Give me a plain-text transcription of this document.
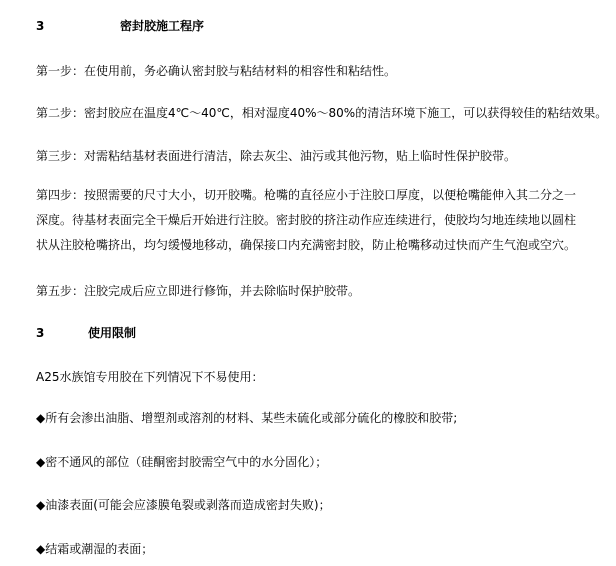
3	密封胶施工程序
第一步：在使用前，务必确认密封胶与粘结材料的相容性和粘结性。
第二步：密封胶应在温度4℃～40℃，相对湿度40%～80%的清洁环境下施工，可以获得较佳的粘结效果。
第三步：对需粘结基材表面进行清洁，除去灰尘、油污或其他污物，贴上临时性保护胶带。
第四步：按照需要的尺寸大小，切开胶嘴。枪嘴的直径应小于注胶口厚度，以便枪嘴能伸入其二分之一深度。待基材表面完全干燥后开始进行注胶。密封胶的挤注动作应连续进行，使胶均匀地连续地以圆柱状从注胶枪嘴挤出，均匀缓慢地移动，确保接口内充满密封胶，防止枪嘴移动过快而产生气泡或空穴。
第五步：注胶完成后应立即进行修饰，并去除临时保护胶带。
3	使用限制
A25水族馆专用胶在下列情况下不易使用：
◆所有会渗出油脂、增塑剂或溶剂的材料、某些未硫化或部分硫化的橡胶和胶带;
◆密不通风的部位（硅酮密封胶需空气中的水分固化）；
◆油漆表面(可能会应漆膜龟裂或剥落而造成密封失败)；
◆结霜或潮湿的表面；
